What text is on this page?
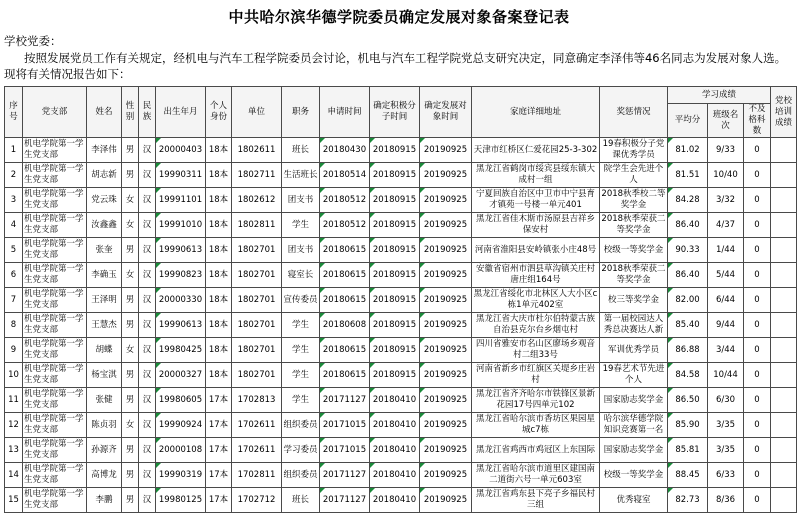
中共哈尔滨华德学院委员确定发展对象备案登记表
学校党委：
按照发展党员工作有关规定，经机电与汽车工程学院委员会讨论，机电与汽车工程学院党总支研究决定，同意确定李泽伟等46名同志为发展对象人选。现将有关情况报告如下：
序号	党支部	姓名	性别	民族	出生年月	个人身份	单位	职务	申请时间	确定积极分子时间	确定发展对象时间	家庭详细地址	奖惩情况	学习成绩			党校培训成绩
														平均分	班级名次	不及格科数	
1	机电学院第一学生党支部	李泽伟	男	汉	20000403	18本	1802611	班长	20180430	20180915	20190925	天津市红桥区仁爱花园25-3-302	19春积极分子党课优秀学员	81.02	9/33	0	
2	机电学院第一学生党支部	胡志新	男	汉	19990311	18本	1802711	生活班长	20180514	20180915	20190925	黑龙江省鹤岗市绥宾县绥东镇大成村一组	院学生会先进个人	81.51	10/40	0	
3	机电学院第一学生党支部	党云珠	女	汉	19991101	18本	1802612	团支书	20180512	20180915	20190925	宁夏回族自治区中卫市中宁县育才镇苑一号楼一单元401	2018秋季校二等奖学金	84.28	3/32	0	
4	机电学院第一学生党支部	汝鑫鑫	女	汉	19991010	18本	1802811	学生	20180512	20180915	20190925	黑龙江省佳木斯市汤原县吉祥乡保安村	2018秋季荣获二等奖学金	86.40	4/37	0	
5	机电学院第一学生党支部	张奎	男	汉	19990613	18本	1802701	团支书	20180615	20180915	20190925	河南省淮阳县安岭镇张小庄48号	校级一等奖学金	90.33	1/44	0	
6	机电学院第一学生党支部	李确玉	女	汉	19990823	18本	1802701	寝室长	20180615	20180915	20190925	安徽省宿州市泗县草沟镇关庄村唐庄组164号	2018秋季荣获二等奖学金	86.40	5/44	0	
7	机电学院第一学生党支部	王泽明	男	汉	20000330	18本	1802701	宣传委员	20180615	20180915	20190925	黑龙江省绥化市北林区人大小区c栋1单元402室	校三等奖学金	82.00	6/44	0	
8	机电学院第一学生党支部	王慧杰	男	汉	19990613	18本	1802701	学生	20180608	20180915	20190925	黑龙江省大庆市杜尔伯特蒙古族自治县克尔台乡烟屯村	第一届校园达人秀总决赛达人新	85.40	9/44	0	
9	机电学院第一学生党支部	胡蝶	女	汉	19980425	18本	1802701	学生	20180615	20180915	20190925	四川省雅安市名山区廖场乡观音村二组33号	军训优秀学员	86.88	3/44	0	
10	机电学院第一学生党支部	杨宝淇	男	汉	20000327	18本	1802701	学生	20180615	20180915	20190925	河南省新乡市红旗区关堤乡庄岩村	19春艺术节先进个人	84.58	10/44	0	
11	机电学院第一学生党支部	张健	男	汉	19980605	17本	1702813	学生	20171127	20180410	20190925	黑龙江省齐齐哈尔市铁锋区景新花园17号四单元102	国家励志奖学金	86.50	6/30	0	
12	机电学院第一学生党支部	陈贞羽	女	汉	19990924	17本	1702611	组织委员	20171015	20180410	20190925	黑龙江省哈尔滨市香坊区果园星城c7栋	哈尔滨华德学院知识竞赛第一名	85.90	3/35	0	
13	机电学院第一学生党支部	孙源齐	男	汉	20000108	17本	1702611	学习委员	20171015	20180410	20190925	黑龙江省鸡西市鸡冠区上东国际	国家励志奖学金	85.81	3/35	0	
14	机电学院第一学生党支部	高博龙	男	汉	19990319	17本	1702811	组织委员	20171127	20180410	20190925	黑龙江省哈尔滨市道里区建国南二道街六号一单元603室	校级一等奖学金	88.45	6/33	0	
15	机电学院第一学生党支部	李鹏	男	汉	19980125	17本	1702712	班长	20171127	20180410	20190925	黑龙江省鸡东县下亮子乡福民村三组	优秀寝室	82.73	8/36	0	
